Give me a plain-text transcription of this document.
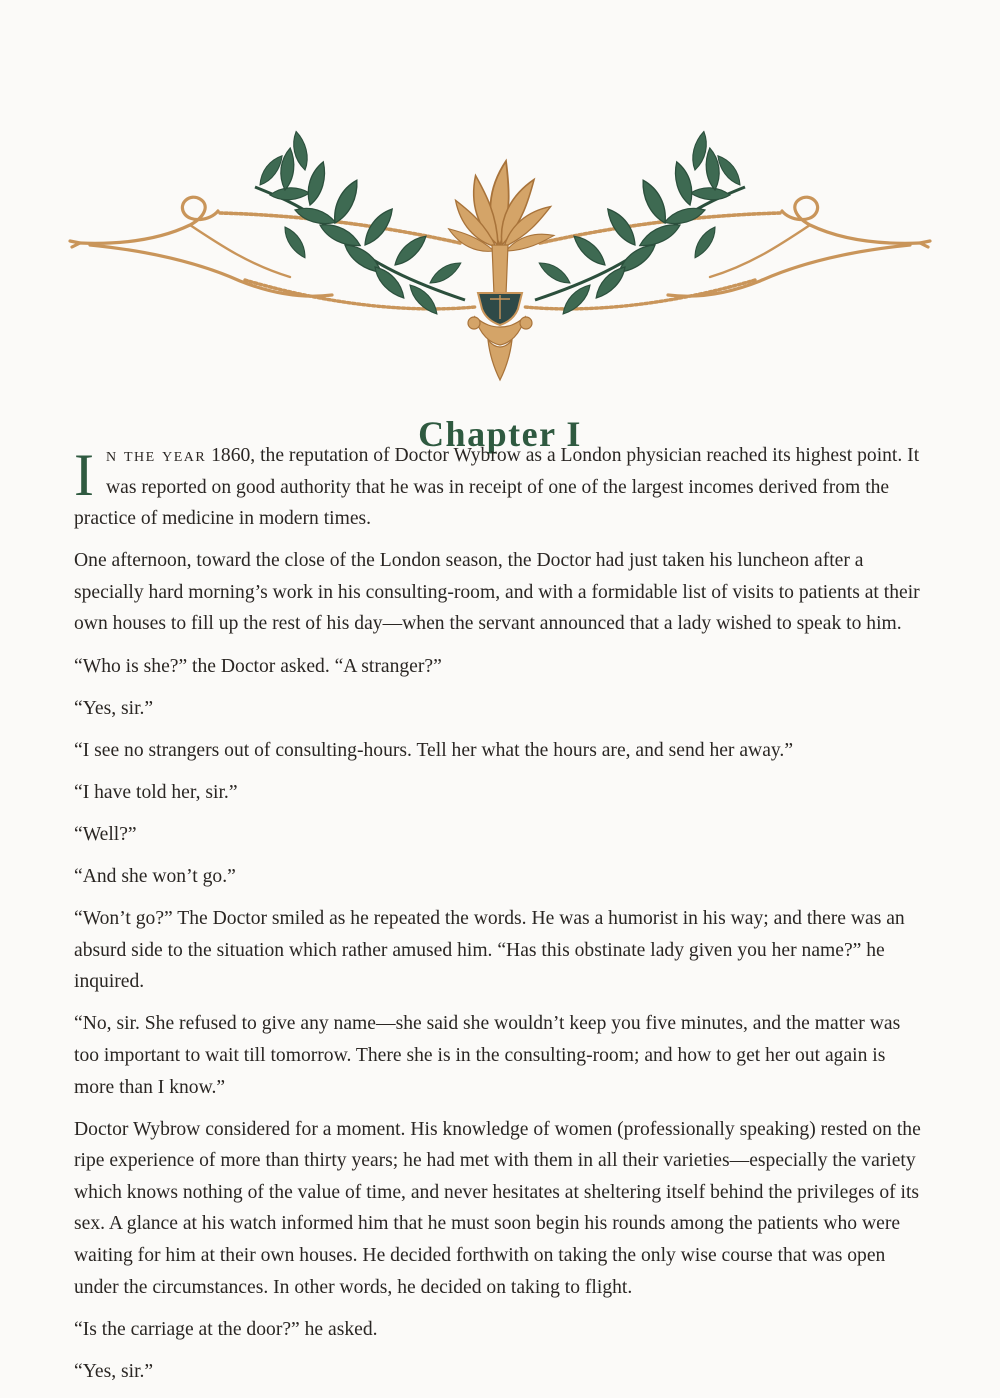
Chapter I

In the year 1860, the reputation of Doctor Wybrow as a London physician reached its highest point. It was reported on good authority that he was in receipt of one of the largest incomes derived from the practice of medicine in modern times.

One afternoon, toward the close of the London season, the Doctor had just taken his luncheon after a specially hard morning’s work in his consulting-room, and with a formidable list of visits to patients at their own houses to fill up the rest of his day—when the servant announced that a lady wished to speak to him.

“Who is she?” the Doctor asked. “A stranger?”

“Yes, sir.”

“I see no strangers out of consulting-hours. Tell her what the hours are, and send her away.”

“I have told her, sir.”

“Well?”

“And she won’t go.”

“Won’t go?” The Doctor smiled as he repeated the words. He was a humorist in his way; and there was an absurd side to the situation which rather amused him. “Has this obstinate lady given you her name?” he inquired.

“No, sir. She refused to give any name—she said she wouldn’t keep you five minutes, and the matter was too important to wait till tomorrow. There she is in the consulting-room; and how to get her out again is more than I know.”

Doctor Wybrow considered for a moment. His knowledge of women (professionally speaking) rested on the ripe experience of more than thirty years; he had met with them in all their varieties—especially the variety which knows nothing of the value of time, and never hesitates at sheltering itself behind the privileges of its sex. A glance at his watch informed him that he must soon begin his rounds among the patients who were waiting for him at their own houses. He decided forthwith on taking the only wise course that was open under the circumstances. In other words, he decided on taking to flight.

“Is the carriage at the door?” he asked.

“Yes, sir.”
